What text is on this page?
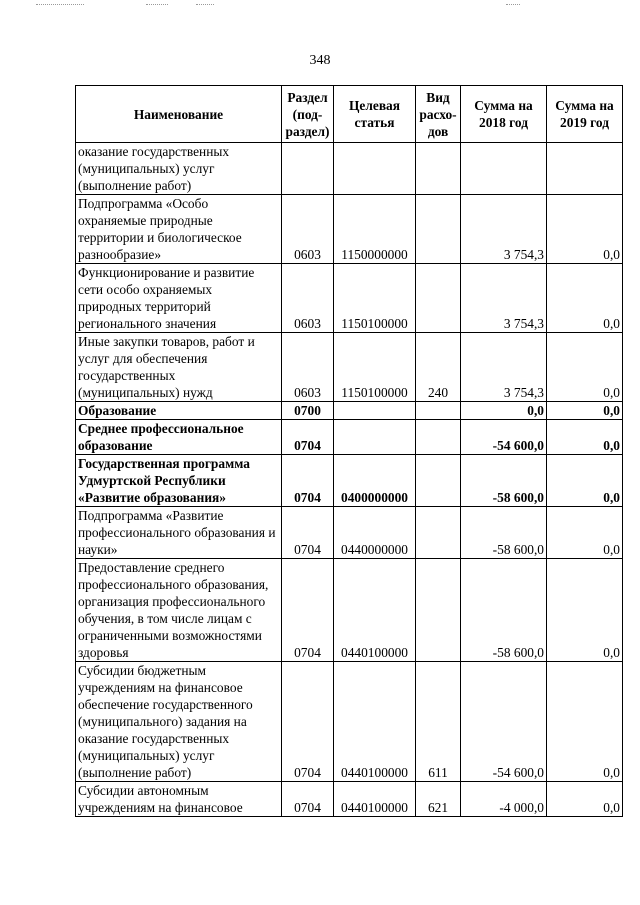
348
Наименование	Раздел (под-раздел)	Целевая статья	Вид расхо-дов	Сумма на 2018 год	Сумма на 2019 год
оказание государственных (муниципальных) услуг (выполнение работ)					
Подпрограмма «Особо охраняемые природные территории и биологическое разнообразие»	0603	1150000000		3 754,3	0,0
Функционирование и развитие сети особо охраняемых природных территорий регионального значения	0603	1150100000		3 754,3	0,0
Иные закупки товаров, работ и услуг для обеспечения государственных (муниципальных) нужд	0603	1150100000	240	3 754,3	0,0
Образование	0700			0,0	0,0
Среднее профессиональное образование	0704			-54 600,0	0,0
Государственная программа Удмуртской Республики «Развитие образования»	0704	0400000000		-58 600,0	0,0
Подпрограмма «Развитие профессионального образования и науки»	0704	0440000000		-58 600,0	0,0
Предоставление среднего профессионального образования, организация профессионального обучения, в том числе лицам с ограниченными возможностями здоровья	0704	0440100000		-58 600,0	0,0
Субсидии бюджетным учреждениям на финансовое обеспечение государственного (муниципального) задания на оказание государственных (муниципальных) услуг (выполнение работ)	0704	0440100000	611	-54 600,0	0,0
Субсидии автономным учреждениям на финансовое	0704	0440100000	621	-4 000,0	0,0
